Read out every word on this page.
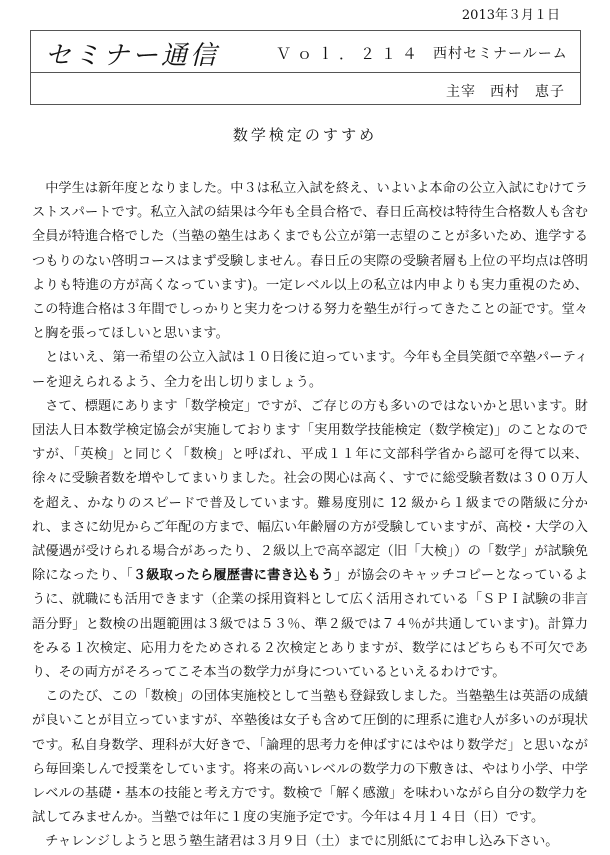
2013年３月１日
セミナー通信	Ｖｏｌ．２１４ 西村セミナールーム
主宰 西村　恵子
数学検定のすすめ

中学生は新年度となりました。中３は私立入試を終え、いよいよ本命の公立入試にむけてラストスパートです。私立入試の結果は今年も全員合格で、春日丘高校は特待生合格数人も含む全員が特進合格でした（当塾の塾生はあくまでも公立が第一志望のことが多いため、進学するつもりのない啓明コースはまず受験しません。春日丘の実際の受験者層も上位の平均点は啓明よりも特進の方が高くなっています)。一定レベル以上の私立は内申よりも実力重視のため、この特進合格は３年間でしっかりと実力をつける努力を塾生が行ってきたことの証です。堂々と胸を張ってほしいと思います。

とはいえ、第一希望の公立入試は１０日後に迫っています。今年も全員笑顔で卒塾パーティーを迎えられるよう、全力を出し切りましょう。

さて、標題にあります「数学検定」ですが、ご存じの方も多いのではないかと思います。財団法人日本数学検定協会が実施しております「実用数学技能検定（数学検定)」のことなのですが、「英検」と同じく「数検」と呼ばれ、平成１１年に文部科学省から認可を得て以来、徐々に受験者数を増やしてまいりました。社会の関心は高く、すでに総受験者数は３００万人を超え、かなりのスピードで普及しています。難易度別に 12 級から１級までの階級に分かれ、まさに幼児からご年配の方まで、幅広い年齢層の方が受験していますが、高校・大学の入試優遇が受けられる場合があったり、２級以上で高卒認定（旧「大検」）の「数学」が試験免除になったり、「３級取ったら履歴書に書き込もう」が協会のキャッチコピーとなっているように、就職にも活用できます（企業の採用資料として広く活用されている「ＳＰＩ試験の非言語分野」と数検の出題範囲は３級では５３％、準２級では７４％が共通しています)。計算力をみる１次検定、応用力をためされる２次検定とありますが、数学にはどちらも不可欠であり、その両方がそろってこそ本当の数学力が身についているといえるわけです。

このたび、この「数検」の団体実施校として当塾も登録致しました。当塾塾生は英語の成績が良いことが目立っていますが、卒塾後は女子も含めて圧倒的に理系に進む人が多いのが現状です。私自身数学、理科が大好きで、「論理的思考力を伸ばすにはやはり数学だ」と思いながら毎回楽しんで授業をしています。将来の高いレベルの数学力の下敷きは、やはり小学、中学レベルの基礎・基本の技能と考え方です。数検で「解く感激」を味わいながら自分の数学力を試してみませんか。当塾では年に１度の実施予定です。今年は４月１４日（日）です。

チャレンジしようと思う塾生諸君は３月９日（土）までに別紙にてお申し込み下さい。
